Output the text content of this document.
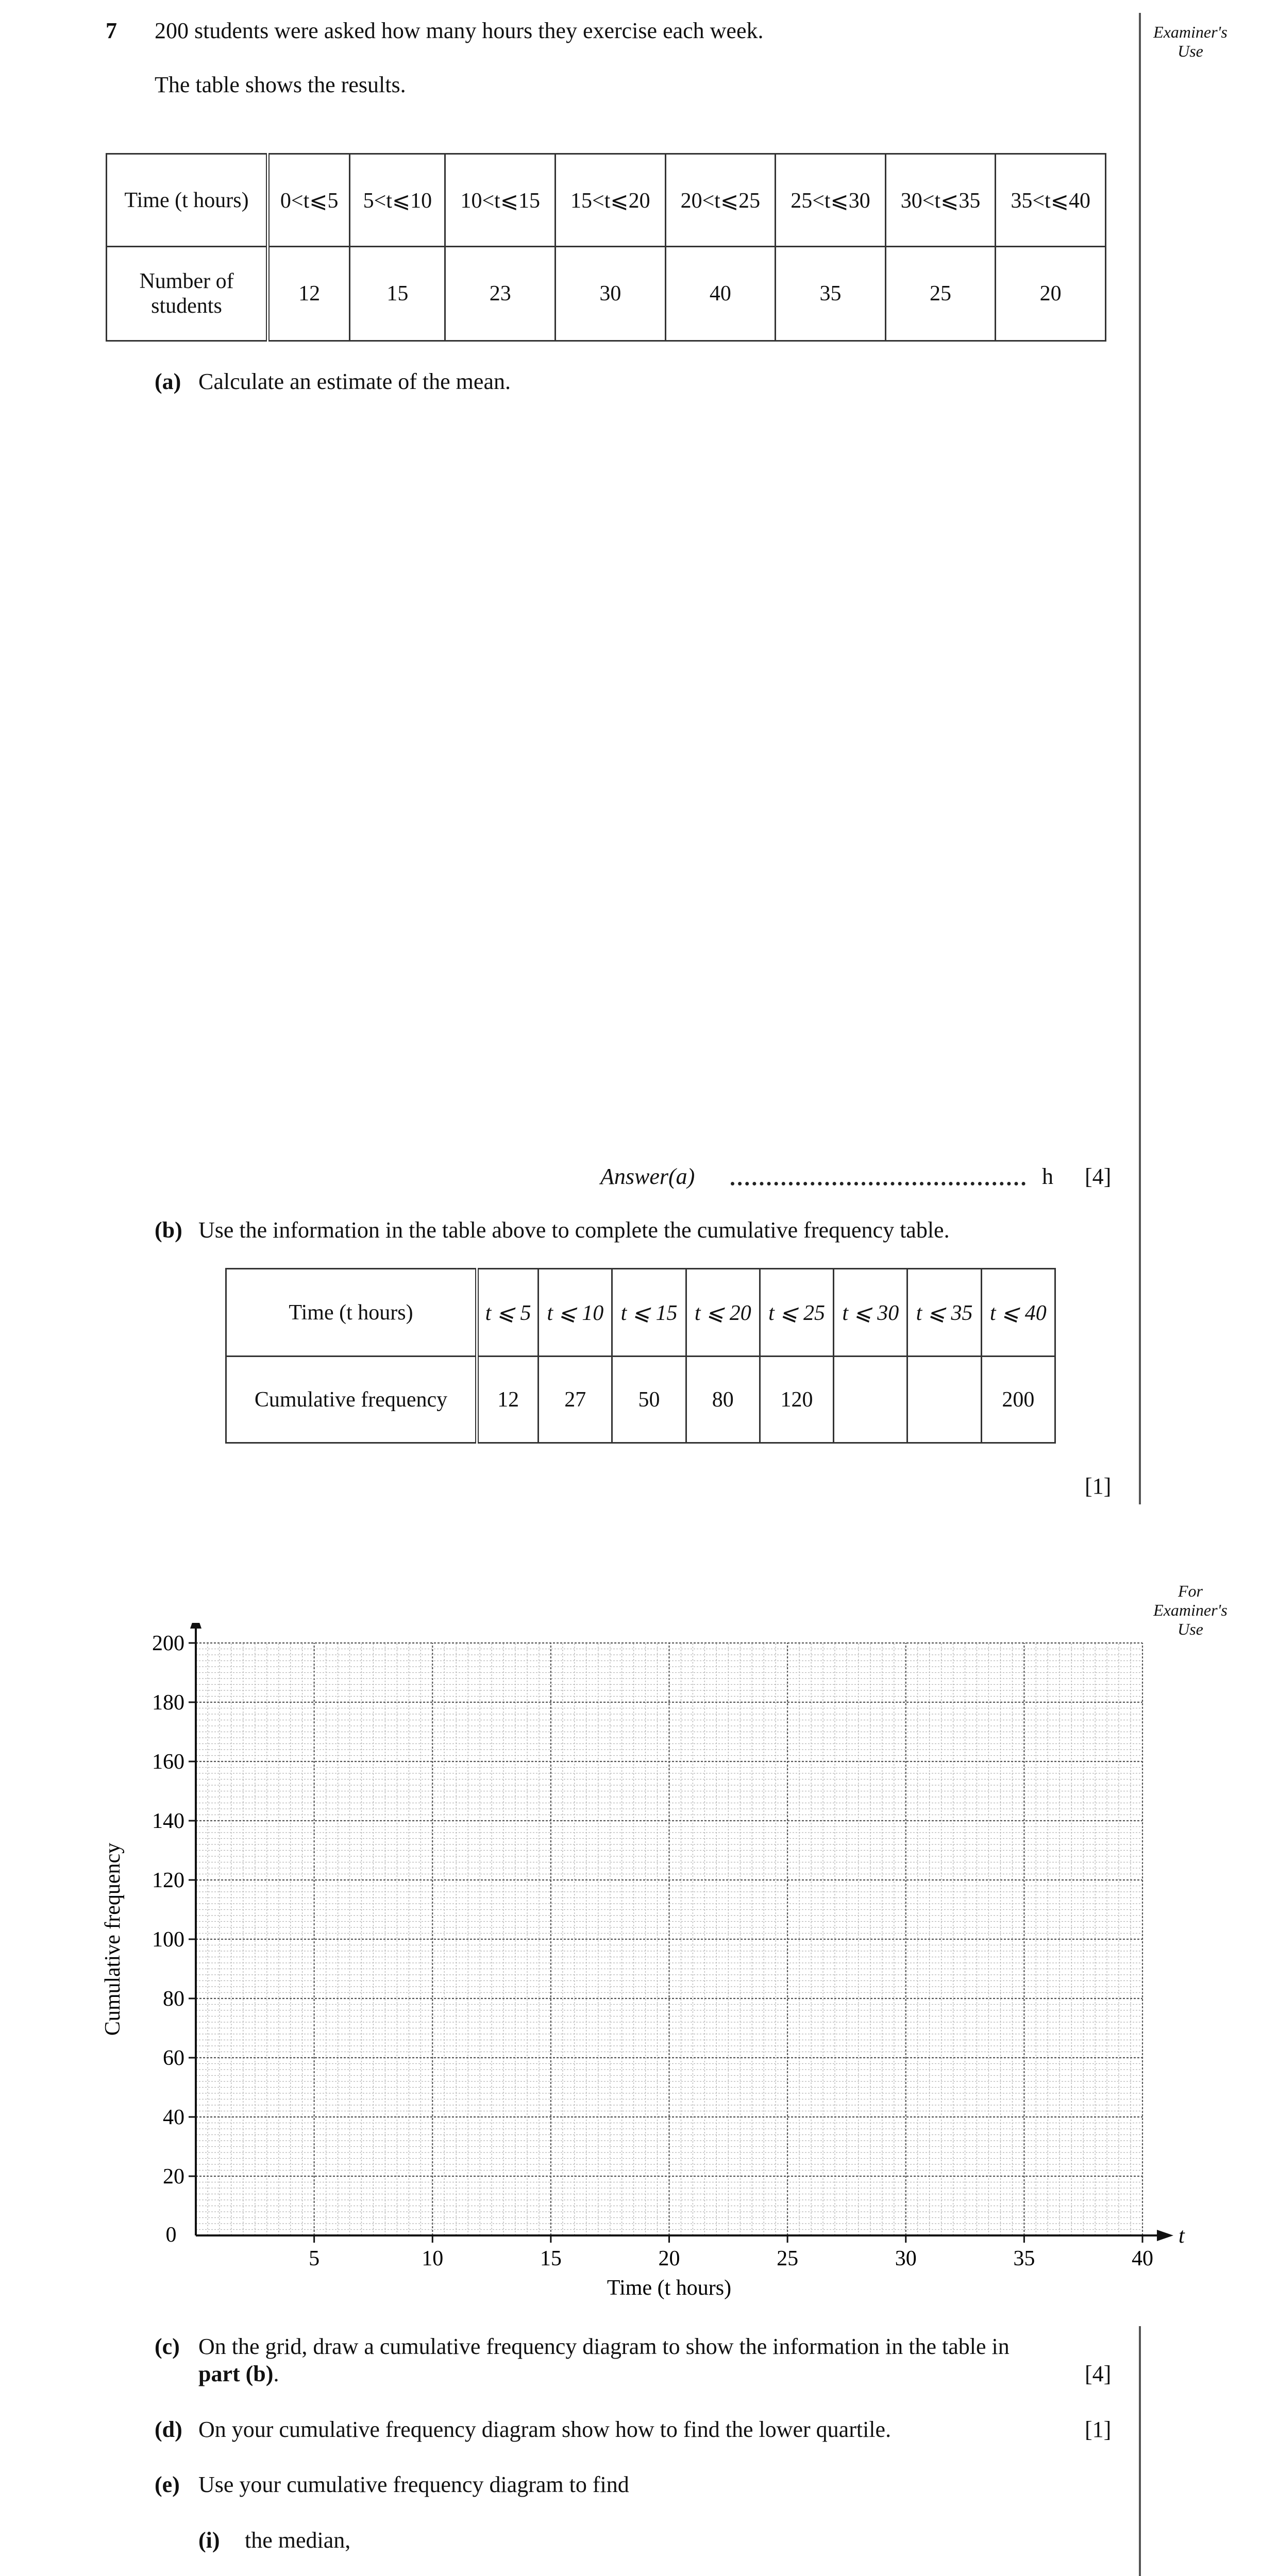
Examiner's
Use
For
Examiner's
Use
7 200 students were asked how many hours they exercise each week.
The table shows the results.
Time (t hours)	0<t⩽5	5<t⩽10	10<t⩽15	15<t⩽20	20<t⩽25	25<t⩽30	30<t⩽35	35<t⩽40
Number of students	12	15	23	30	40	35	25	20
(a) Calculate an estimate of the mean.
Answer(a)	h [4]
(b) Use the information in the table above to complete the cumulative frequency table.
Time (t hours)	t ⩽ 5	t ⩽ 10	t ⩽ 15	t ⩽ 20	t ⩽ 25	t ⩽ 30	t ⩽ 35	t ⩽ 40
Cumulative frequency	12	27	50	80	120			200
[1]
0
5	10	15	20	25	30	35	40
20
40
60
80
100
120
140
160
180
200
Time (t hours)
Cumulative frequency
t
(c) On the grid, draw a cumulative frequency diagram to show the information in the table in
part (b).	[4]
(d) On your cumulative frequency diagram show how to find the lower quartile.	[1]
(e) Use your cumulative frequency diagram to find
(i) the median,
